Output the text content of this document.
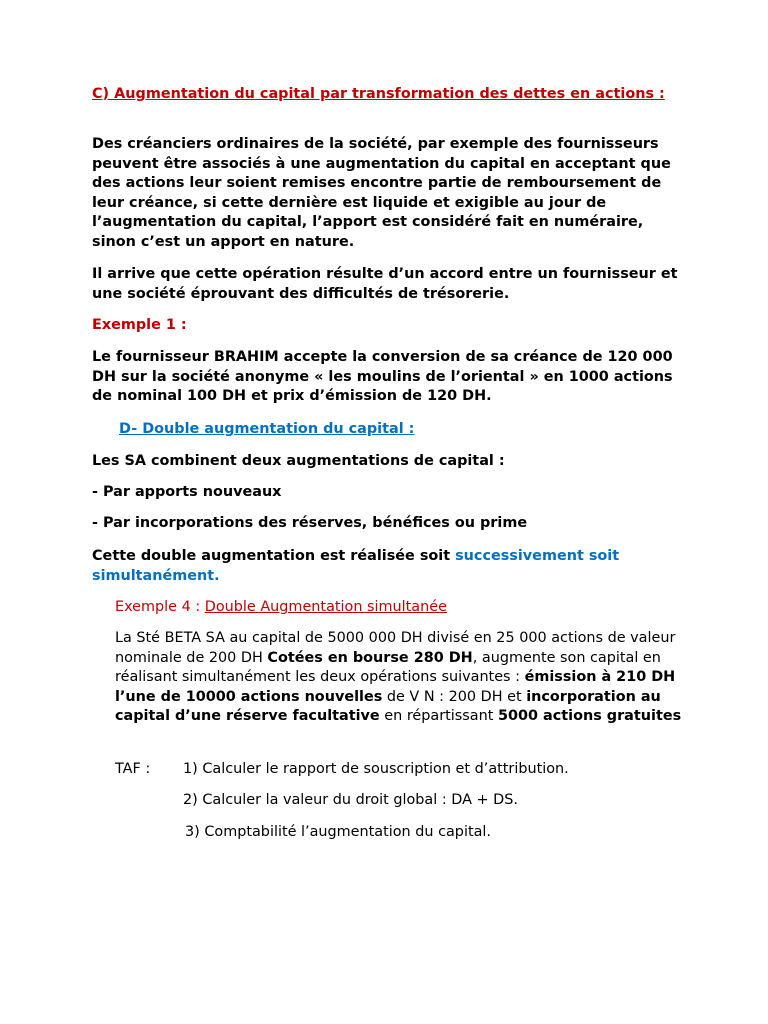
C) Augmentation du capital par transformation des dettes en actions :
Des créanciers ordinaires de la société, par exemple des fournisseurs peuvent être associés à une augmentation du capital en acceptant que des actions leur soient remises encontre partie de remboursement de leur créance, si cette dernière est liquide et exigible au jour de l’augmentation du capital, l’apport est considéré fait en numéraire, sinon c’est un apport en nature.
Il arrive que cette opération résulte d’un accord entre un fournisseur et une société éprouvant des difficultés de trésorerie.
Exemple 1 :
Le fournisseur BRAHIM accepte la conversion de sa créance de 120 000 DH sur la société anonyme « les moulins de l’oriental » en 1000 actions de nominal 100 DH et prix d’émission de 120 DH.
D- Double augmentation du capital :
Les SA combinent deux augmentations de capital :
- Par apports nouveaux
- Par incorporations des réserves, bénéfices ou prime
Cette double augmentation est réalisée soit successivement soit simultanément.
Exemple 4 : Double Augmentation simultanée
La Sté BETA SA au capital de 5000 000 DH divisé en 25 000 actions de valeur nominale de 200 DH Cotées en bourse 280 DH, augmente son capital en réalisant simultanément les deux opérations suivantes : émission à 210 DH l’une de 10000 actions nouvelles de V N : 200 DH et incorporation au capital d’une réserve facultative en répartissant 5000 actions gratuites
TAF : 1) Calculer le rapport de souscription et d’attribution.
2) Calculer la valeur du droit global : DA + DS.
3) Comptabilité l’augmentation du capital.
